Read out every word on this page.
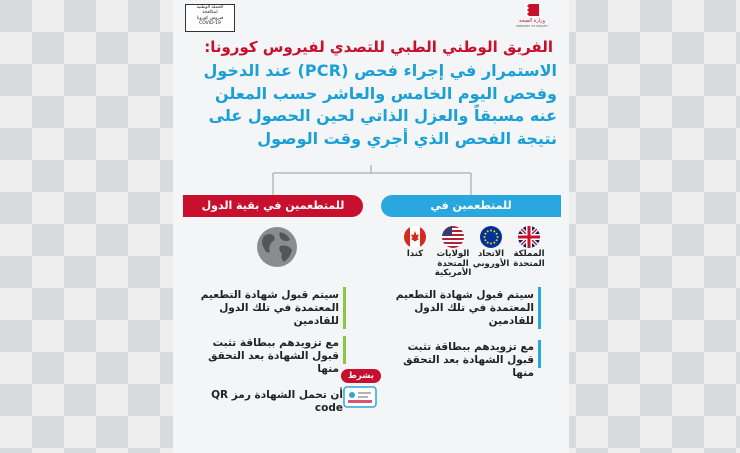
وزارة الصحة
MINISTRY OF HEALTH
الحملة الوطنية
لمكافحة
فيروس كورونا
COVID-19

الفريق الوطني الطبي للتصدي لفيروس كورونا:

الاستمرار في إجراء فحص (PCR) عند الدخول وفحص اليوم الخامس والعاشر حسب المعلن عنه مسبقاً والعزل الذاتي لحين الحصول على نتيجة الفحص الذي أجري وقت الوصول

للمتطعمين في
للمتطعمين في بقية الدول
المملكة المتحدة
الاتحاد الأوروبي
الولايات المتحدة الأمريكية
كندا
سيتم قبول شهادة التطعيم المعتمدة في تلك الدول للقادمين
مع تزويدهم ببطاقة تثبت قبول الشهادة بعد التحقق منها
سيتم قبول شهادة التطعيم المعتمدة في تلك الدول للقادمين
مع تزويدهم ببطاقة تثبت قبول الشهادة بعد التحقق منها
بشرط
أن تحمل الشهادة رمز QR code
